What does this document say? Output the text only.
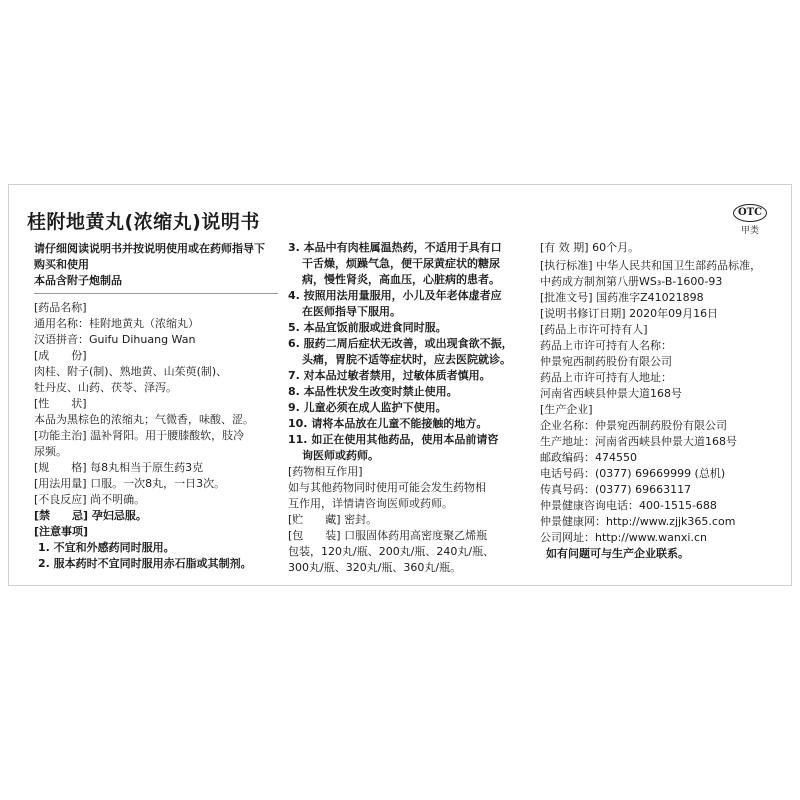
桂附地黄丸(浓缩丸)说明书	OTC
甲类
请仔细阅读说明书并按说明使用或在药师指导下
购买和使用
本品含附子炮制品
[药品名称]
通用名称：桂附地黄丸（浓缩丸）
汉语拼音：Guifu Dihuang Wan
[成　　份]
肉桂、附子(制)、熟地黄、山茱萸(制)、
牡丹皮、山药、茯苓、泽泻。
[性　　状]
本品为黑棕色的浓缩丸；气微香，味酸、涩。
[功能主治] 温补肾阳。用于腰膝酸软，肢冷
尿频。
[规　　格] 每8丸相当于原生药3克
[用法用量] 口服。一次8丸，一日3次。
[不良反应] 尚不明确。
[禁　　忌] 孕妇忌服。
[注意事项]
1. 不宜和外感药同时服用。
2. 服本药时不宜同时服用赤石脂或其制剂。
3. 本品中有肉桂属温热药，不适用于具有口
干舌燥，烦躁气急，便干尿黄症状的糖尿
病，慢性肾炎，高血压，心脏病的患者。
4. 按照用法用量服用，小儿及年老体虚者应
在医师指导下服用。
5. 本品宜饭前服或进食同时服。
6. 服药二周后症状无改善，或出现食欲不振，
头痛，胃脘不适等症状时，应去医院就诊。
7. 对本品过敏者禁用，过敏体质者慎用。
8. 本品性状发生改变时禁止使用。
9. 儿童必须在成人监护下使用。
10. 请将本品放在儿童不能接触的地方。
11. 如正在使用其他药品，使用本品前请咨
询医师或药师。
[药物相互作用]
如与其他药物同时使用可能会发生药物相
互作用，详情请咨询医师或药师。
[贮　　藏] 密封。
[包　　装] 口服固体药用高密度聚乙烯瓶
包装，120丸/瓶、200丸/瓶、240丸/瓶、
300丸/瓶、320丸/瓶、360丸/瓶。
[有 效 期] 60个月。
[执行标准] 中华人民共和国卫生部药品标准，
中药成方制剂第八册WS₃-B-1600-93
[批准文号] 国药准字Z41021898
[说明书修订日期] 2020年09月16日
[药品上市许可持有人]
药品上市许可持有人名称：
仲景宛西制药股份有限公司
药品上市许可持有人地址：
河南省西峡县仲景大道168号
[生产企业]
企业名称：仲景宛西制药股份有限公司
生产地址：河南省西峡县仲景大道168号
邮政编码：474550
电话号码：(0377) 69669999 (总机)
传真号码：(0377) 69663117
仲景健康咨询电话：400-1515-688
仲景健康网：http://www.zjjk365.com
公司网址：http://www.wanxi.cn
如有问题可与生产企业联系。
